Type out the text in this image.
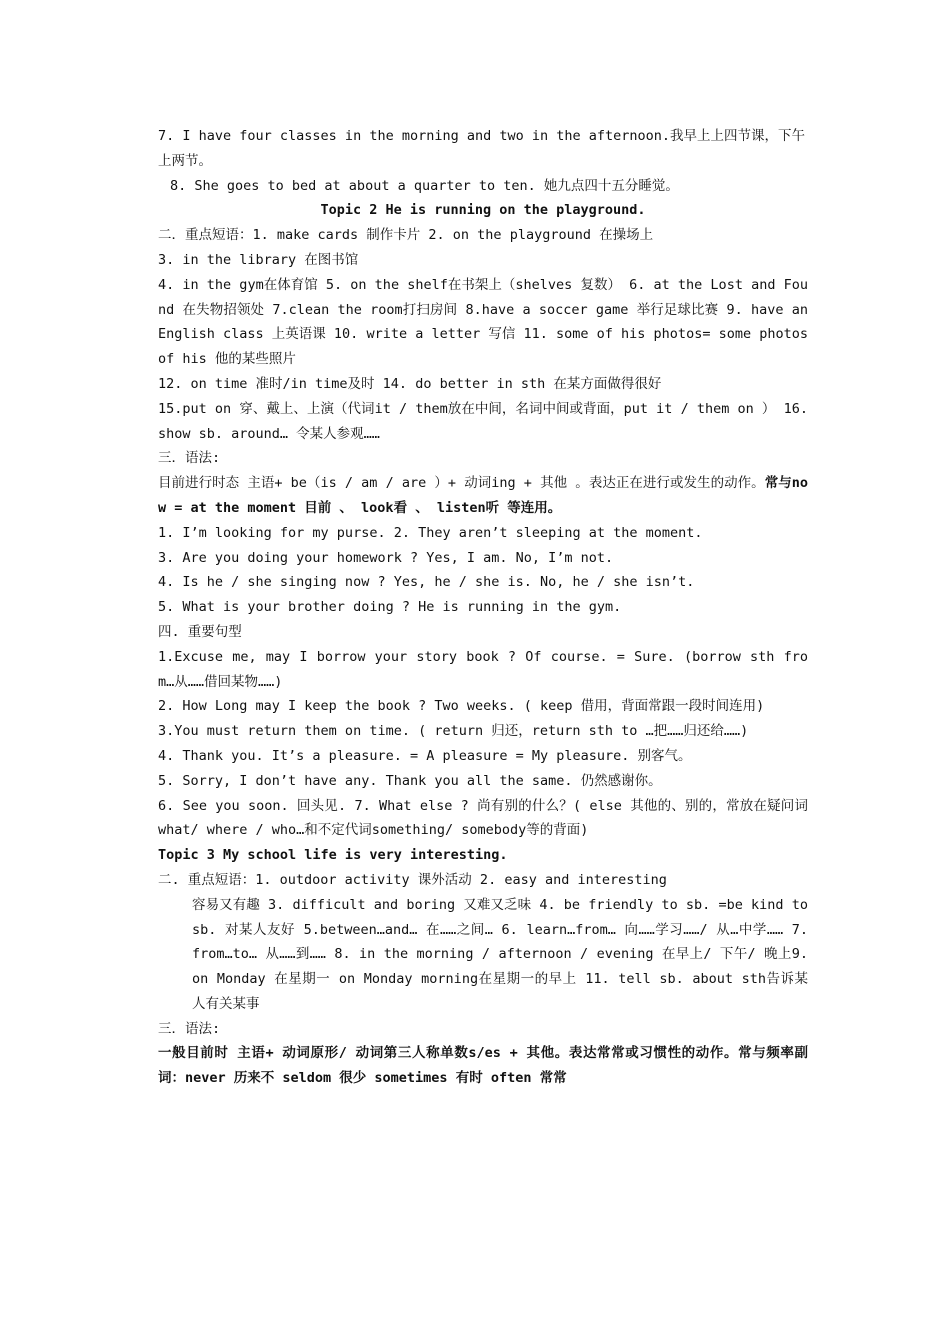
7. I have four classes in the morning and two in the afternoon.我早上上四节课，下午上两节。

8. She goes to bed at about a quarter to ten. 她九点四十五分睡觉。

Topic 2 He is running on the playground.

二．重点短语：1. make cards 制作卡片 2. on the playground 在操场上

3. in the library 在图书馆

4. in the gym在体育馆 5. on the shelf在书架上（shelves 复数） 6. at the Lost and Found 在失物招领处 7.clean the room打扫房间 8.have a soccer game 举行足球比赛 9. have an English class 上英语课 10. write a letter 写信 11. some of his photos= some photos of his 他的某些照片

12. on time 准时/in time及时 14. do better in sth 在某方面做得很好

15.put on 穿、戴上、上演（代词it / them放在中间，名词中间或背面，put it / them on ） 16. show sb. around… 令某人参观……

三．语法:

目前进行时态 主语+ be（is / am / are ）+ 动词ing + 其他 。表达正在进行或发生的动作。常与now = at the moment 目前 、 look看 、 listen听 等连用。

1. I’m looking for my purse. 2. They aren’t sleeping at the moment.

3. Are you doing your homework ? Yes, I am. No, I’m not.

4. Is he / she singing now ? Yes, he / she is. No, he / she isn’t.

5. What is your brother doing ? He is running in the gym.

四. 重要句型

1.Excuse me, may I borrow your story book ? Of course. = Sure. (borrow sth from…从……借回某物……)

2. How Long may I keep the book ? Two weeks. ( keep 借用，背面常跟一段时间连用)

3.You must return them on time. ( return 归还，return sth to …把……归还给……)

4. Thank you. It’s a pleasure. = A pleasure = My pleasure. 别客气。

5. Sorry, I don’t have any. Thank you all the same. 仍然感谢你。

6. See you soon. 回头见. 7. What else ? 尚有别的什么？( else 其他的、别的，常放在疑问词what/ where / who…和不定代词something/ somebody等的背面)

Topic 3 My school life is very interesting.

二. 重点短语：1. outdoor activity 课外活动 2. easy and interesting

容易又有趣 3. difficult and boring 又难又乏味 4. be friendly to sb. =be kind to sb. 对某人友好 5.between…and… 在……之间… 6. learn…from… 向……学习……/ 从…中学…… 7. from…to… 从……到…… 8. in the morning / afternoon / evening 在早上/ 下午/ 晚上9.on Monday 在星期一 on Monday morning在星期一的早上 11. tell sb. about sth告诉某人有关某事

三．语法:

一般目前时 主语+ 动词原形/ 动词第三人称单数s/es + 其他。表达常常或习惯性的动作。常与频率副词：never 历来不 seldom 很少 sometimes 有时 often 常常
